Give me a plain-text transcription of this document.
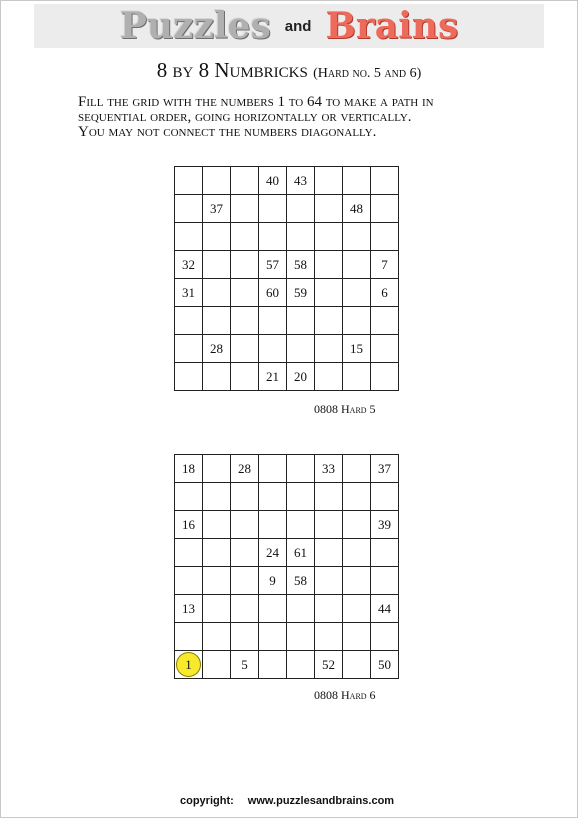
Puzzles and Brains
8 by 8 Numbricks (Hard no. 5 and 6)
Fill the grid with the numbers 1 to 64 to make a path in
sequential order, going horizontally or vertically.
You may not connect the numbers diagonally.
			40	43			
	37					48	

32			57	58			7
31			60	59			6

	28					15	
			21	20			
0808 Hard 5
18		28			33		37

16							39
			24	61			
			9	58			
13							44

1		5			52		50
0808 Hard 6
copyright: www.puzzlesandbrains.com
